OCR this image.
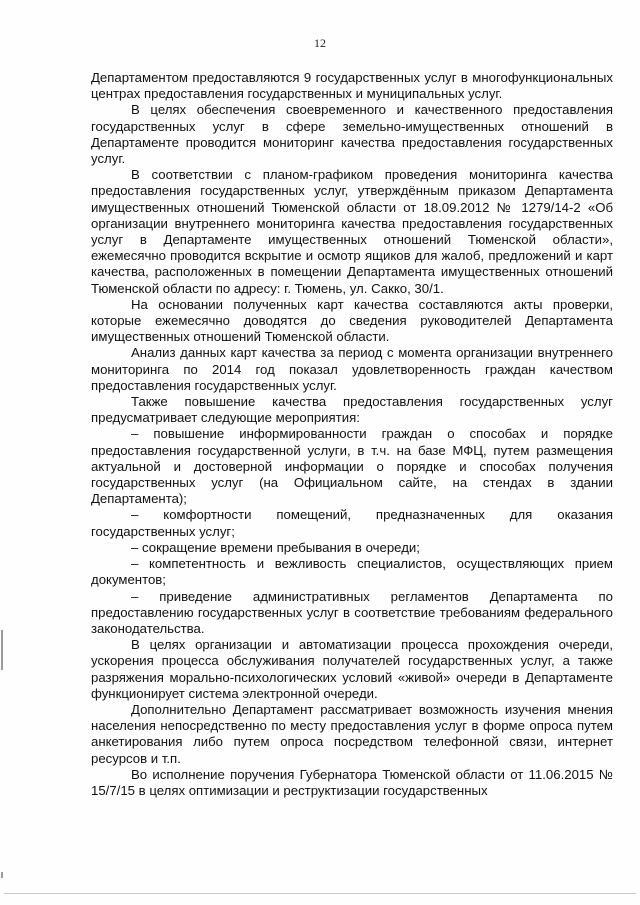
12

Департаментом предоставляются 9 государственных услуг в многофункциональных центрах предоставления государственных и муниципальных услуг.

В целях обеспечения своевременного и качественного предоставления государственных услуг в сфере земельно-имущественных отношений в Департаменте проводится мониторинг качества предоставления государственных услуг.

В соответствии с планом-графиком проведения мониторинга качества предоставления государственных услуг, утверждённым приказом Департамента имущественных отношений Тюменской области от 18.09.2012 № 1279/14-2 «Об организации внутреннего мониторинга качества предоставления государственных услуг в Департаменте имущественных отношений Тюменской области», ежемесячно проводится вскрытие и осмотр ящиков для жалоб, предложений и карт качества, расположенных в помещении Департамента имущественных отношений Тюменской области по адресу: г. Тюмень, ул. Сакко, 30/1.

На основании полученных карт качества составляются акты проверки, которые ежемесячно доводятся до сведения руководителей Департамента имущественных отношений Тюменской области.

Анализ данных карт качества за период с момента организации внутреннего мониторинга по 2014 год показал удовлетворенность граждан качеством предоставления государственных услуг.

Также повышение качества предоставления государственных услуг предусматривает следующие мероприятия:

– повышение информированности граждан о способах и порядке предоставления государственной услуги, в т.ч. на базе МФЦ, путем размещения актуальной и достоверной информации о порядке и способах получения государственных услуг (на Официальном сайте, на стендах в здании Департамента);

– комфортности помещений, предназначенных для оказания государственных услуг;

– сокращение времени пребывания в очереди;

– компетентность и вежливость специалистов, осуществляющих прием документов;

– приведение административных регламентов Департамента по предоставлению государственных услуг в соответствие требованиям федерального законодательства.

В целях организации и автоматизации процесса прохождения очереди, ускорения процесса обслуживания получателей государственных услуг, а также разряжения морально-психологических условий «живой» очереди в Департаменте функционирует система электронной очереди.

Дополнительно Департамент рассматривает возможность изучения мнения населения непосредственно по месту предоставления услуг в форме опроса путем анкетирования либо путем опроса посредством телефонной связи, интернет ресурсов и т.п.

Во исполнение поручения Губернатора Тюменской области от 11.06.2015 № 15/7/15 в целях оптимизации и реструктизации государственных
